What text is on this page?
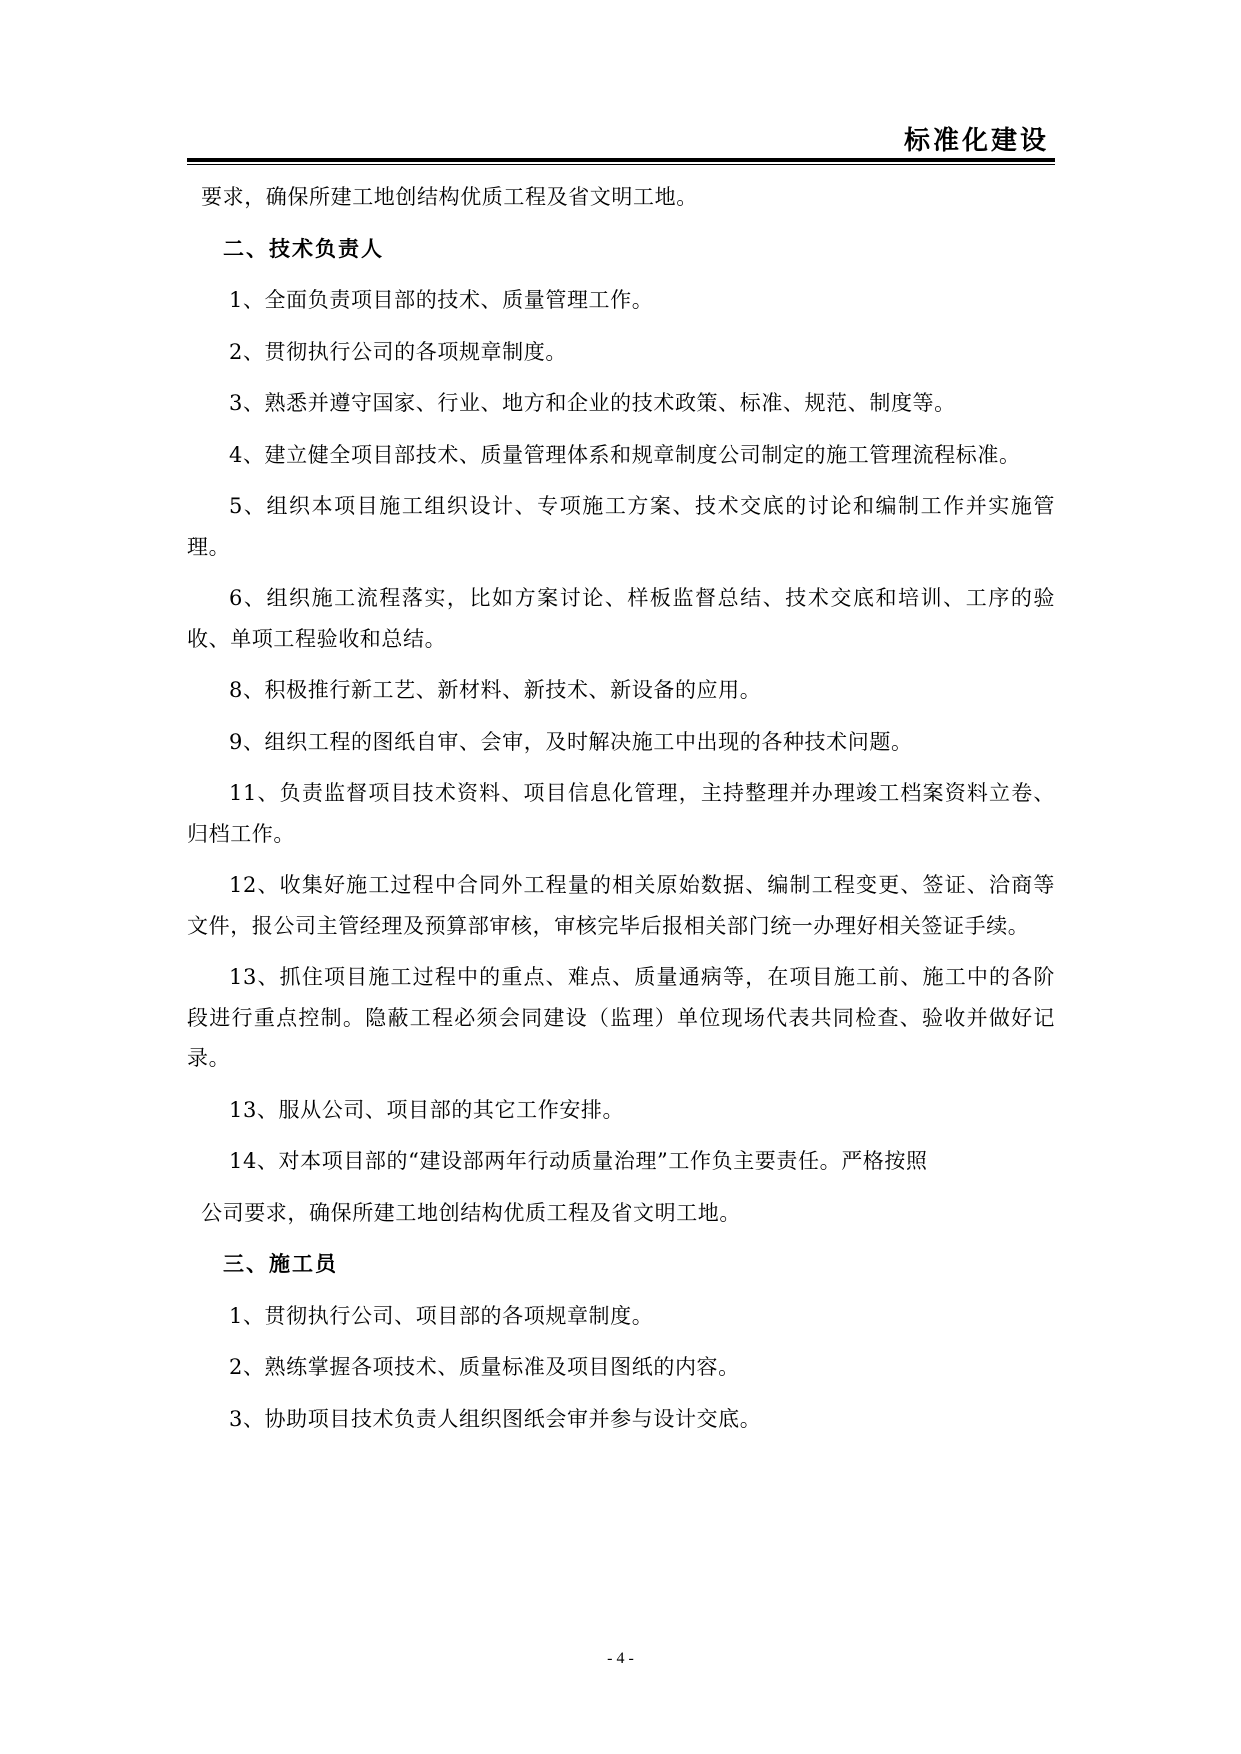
标准化建设

要求，确保所建工地创结构优质工程及省文明工地。

二、技术负责人

1、全面负责项目部的技术、质量管理工作。

2、贯彻执行公司的各项规章制度。

3、熟悉并遵守国家、行业、地方和企业的技术政策、标准、规范、制度等。

4、建立健全项目部技术、质量管理体系和规章制度公司制定的施工管理流程标准。

5、组织本项目施工组织设计、专项施工方案、技术交底的讨论和编制工作并实施管理。

6、组织施工流程落实，比如方案讨论、样板监督总结、技术交底和培训、工序的验收、单项工程验收和总结。

8、积极推行新工艺、新材料、新技术、新设备的应用。

9、组织工程的图纸自审、会审，及时解决施工中出现的各种技术问题。

11、负责监督项目技术资料、项目信息化管理，主持整理并办理竣工档案资料立卷、归档工作。

12、收集好施工过程中合同外工程量的相关原始数据、编制工程变更、签证、洽商等文件，报公司主管经理及预算部审核，审核完毕后报相关部门统一办理好相关签证手续。

13、抓住项目施工过程中的重点、难点、质量通病等，在项目施工前、施工中的各阶段进行重点控制。隐蔽工程必须会同建设（监理）单位现场代表共同检查、验收并做好记录。

13、服从公司、项目部的其它工作安排。

14、对本项目部的“建设部两年行动质量治理”工作负主要责任。严格按照

公司要求，确保所建工地创结构优质工程及省文明工地。

三、施工员

1、贯彻执行公司、项目部的各项规章制度。

2、熟练掌握各项技术、质量标准及项目图纸的内容。

3、协助项目技术负责人组织图纸会审并参与设计交底。

- 4 -
